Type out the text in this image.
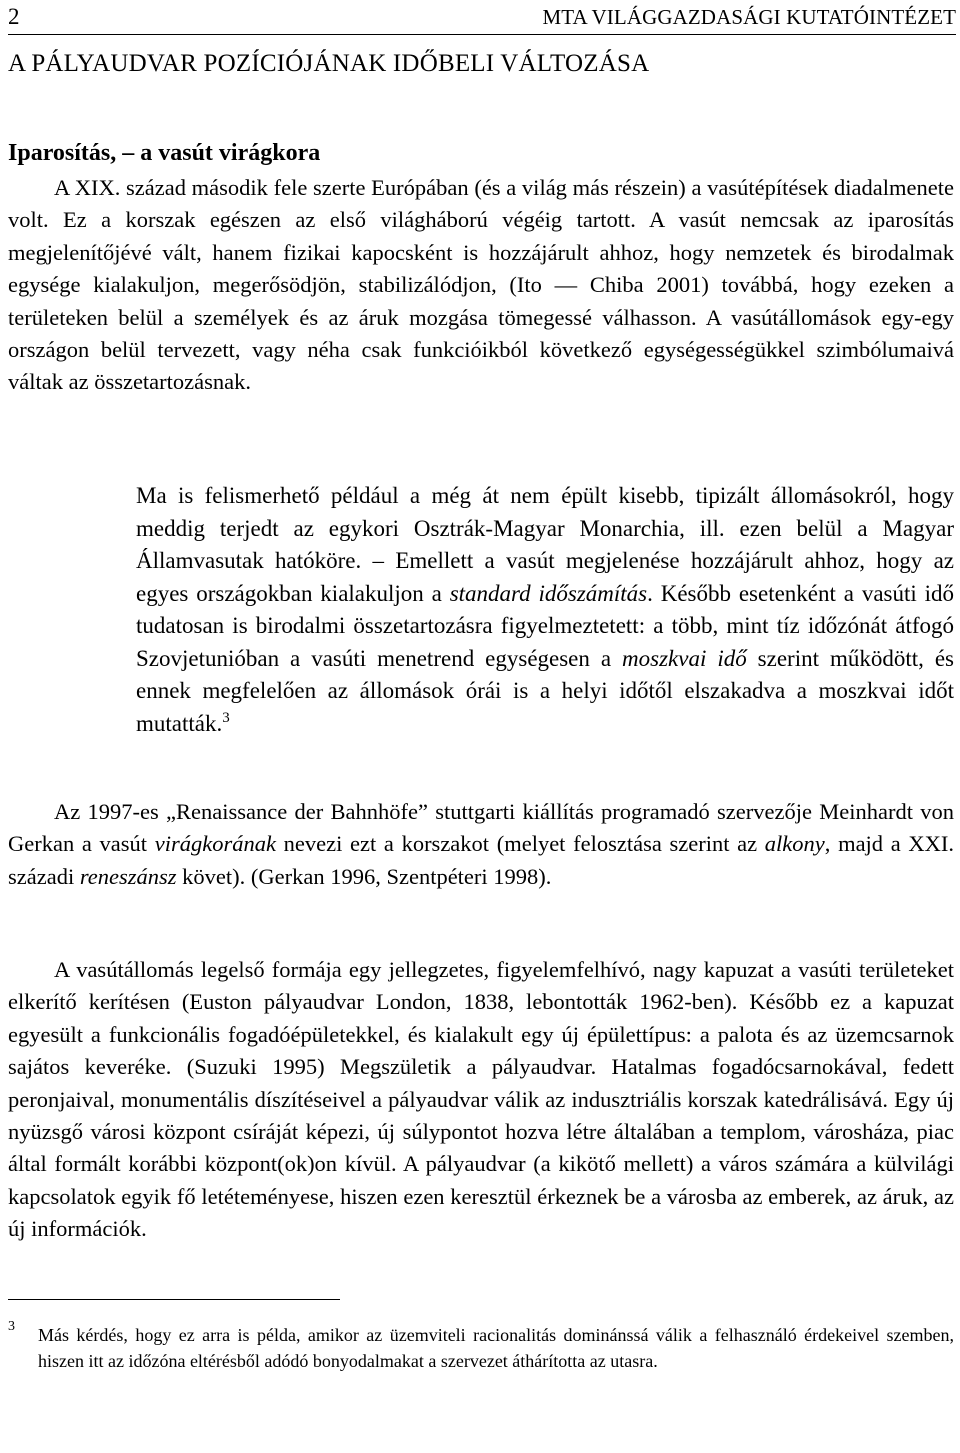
2	MTA VILÁGGAZDASÁGI KUTATÓINTÉZET
A PÁLYAUDVAR POZÍCIÓJÁNAK IDŐBELI VÁLTOZÁSA
Iparosítás, – a vasút virágkora

A XIX. század második fele szerte Európában (és a világ más részein) a vasútépítések diadalmenete volt. Ez a korszak egészen az első világháború végéig tartott. A vasút nemcsak az iparosítás megjelenítőjévé vált, hanem fizikai kapocsként is hozzájárult ahhoz, hogy nemzetek és birodalmak egysége kialakuljon, megerősödjön, stabilizálódjon, (Ito — Chiba 2001) továbbá, hogy ezeken a területeken belül a személyek és az áruk mozgása tömegessé válhasson. A vasútállomások egy-egy országon belül tervezett, vagy néha csak funkcióikból következő egységességükkel szimbólumaivá váltak az összetartozásnak.

Ma is felismerhető például a még át nem épült kisebb, tipizált állomásokról, hogy meddig terjedt az egykori Osztrák-Magyar Monarchia, ill. ezen belül a Magyar Államvasutak hatóköre. – Emellett a vasút megjelenése hozzájárult ahhoz, hogy az egyes országokban kialakuljon a standard időszámítás. Később esetenként a vasúti idő tudatosan is birodalmi összetartozásra figyelmeztetett: a több, mint tíz időzónát átfogó Szovjetunióban a vasúti menetrend egységesen a moszkvai idő szerint működött, és ennek megfelelően az állomások órái is a helyi időtől elszakadva a moszkvai időt mutatták.$^3$

Az 1997-es „Renaissance der Bahnhöfe” stuttgarti kiállítás programadó szervezője Meinhardt von Gerkan a vasút virágkorának nevezi ezt a korszakot (melyet felosztása szerint az alkony, majd a XXI. századi reneszánsz követ). (Gerkan 1996, Szentpéteri 1998).

A vasútállomás legelső formája egy jellegzetes, figyelemfelhívó, nagy kapuzat a vasúti területeket elkerítő kerítésen (Euston pályaudvar London, 1838, lebontották 1962-ben). Később ez a kapuzat egyesült a funkcionális fogadóépületekkel, és kialakult egy új épülettípus: a palota és az üzemcsarnok sajátos keveréke. (Suzuki 1995) Megszületik a pályaudvar. Hatalmas fogadócsarnokával, fedett peronjaival, monumentális díszítéseivel a pályaudvar válik az indusztriális korszak katedrálisává. Egy új nyüzsgő városi központ csíráját képezi, új súlypontot hozva létre általában a templom, városháza, piac által formált korábbi központ(ok)on kívül. A pályaudvar (a kikötő mellett) a város számára a külvilági kapcsolatok egyik fő letéteményese, hiszen ezen keresztül érkeznek be a városba az emberek, az áruk, az új információk.

3 Más kérdés, hogy ez arra is példa, amikor az üzemviteli racionalitás dominánssá válik a felhasználó érdekeivel szemben, hiszen itt az időzóna eltérésből adódó bonyodalmakat a szervezet áthárította az utasra.
